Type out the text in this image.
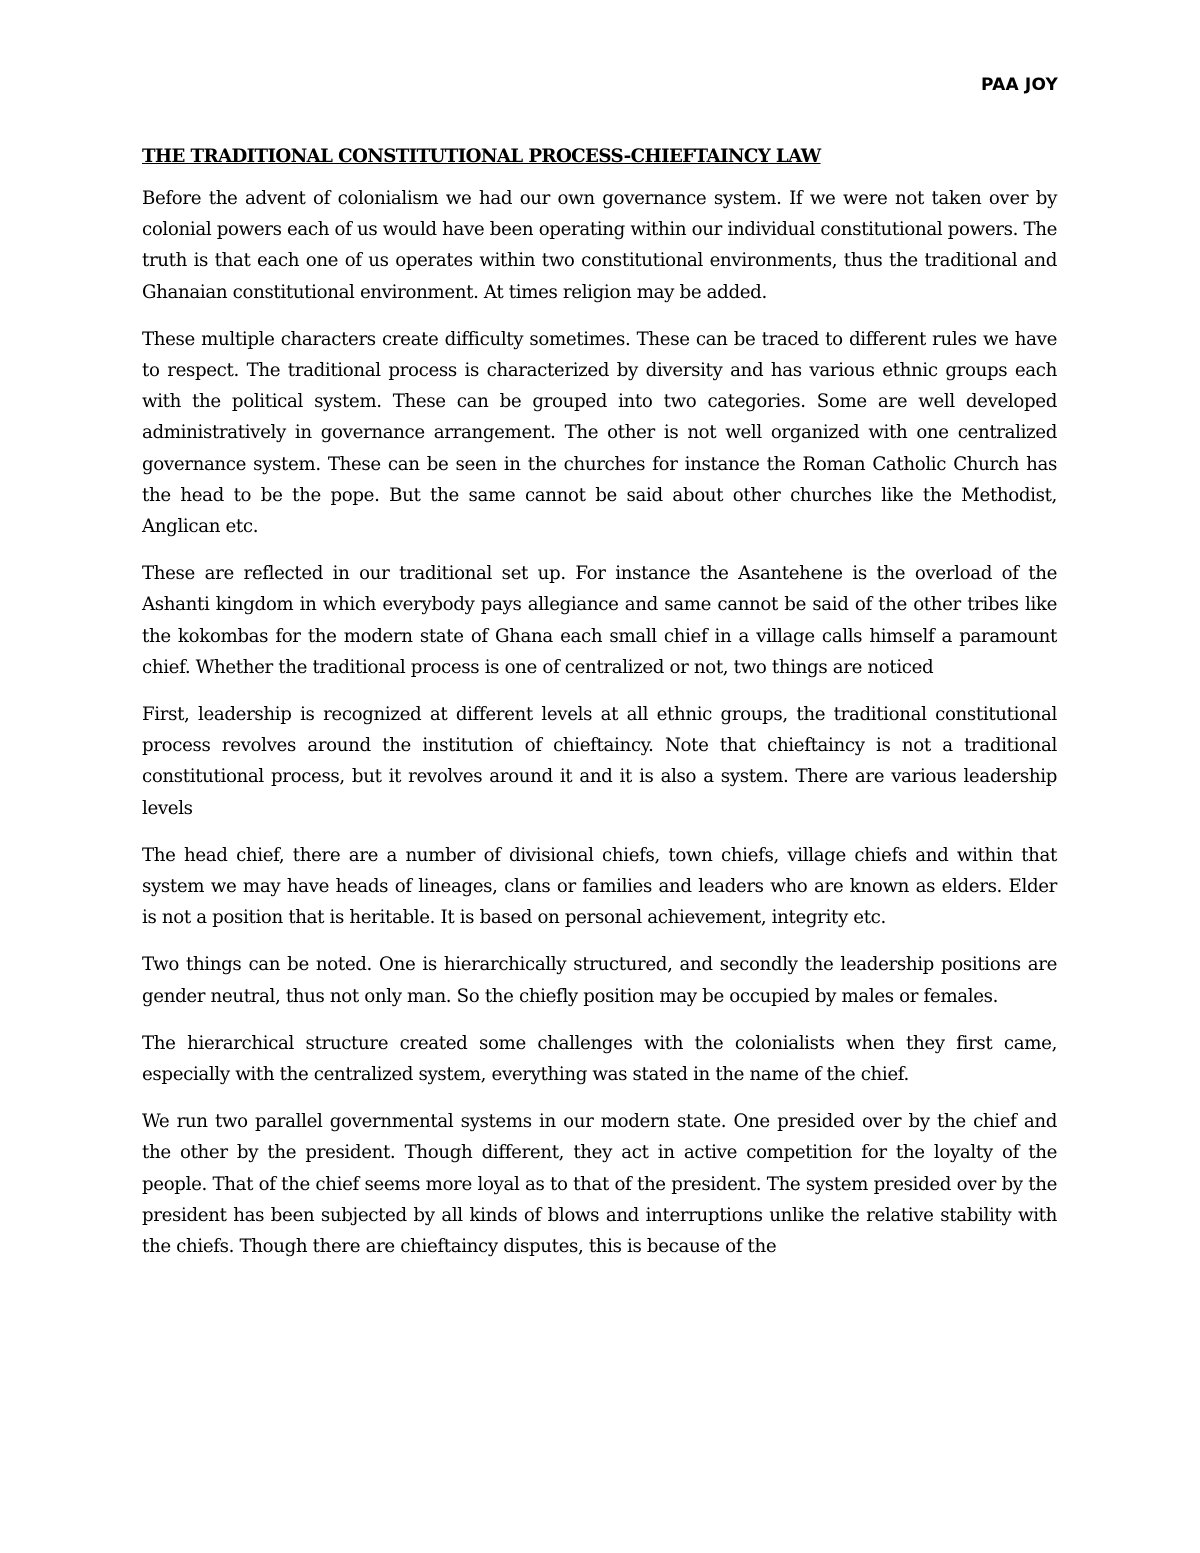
PAA JOY
THE TRADITIONAL CONSTITUTIONAL PROCESS-CHIEFTAINCY LAW

Before the advent of colonialism we had our own governance system. If we were not taken over by colonial powers each of us would have been operating within our individual constitutional powers. The truth is that each one of us operates within two constitutional environments, thus the traditional and Ghanaian constitutional environment. At times religion may be added.

These multiple characters create difficulty sometimes. These can be traced to different rules we have to respect. The traditional process is characterized by diversity and has various ethnic groups each with the political system. These can be grouped into two categories. Some are well developed administratively in governance arrangement. The other is not well organized with one centralized governance system. These can be seen in the churches for instance the Roman Catholic Church has the head to be the pope. But the same cannot be said about other churches like the Methodist, Anglican etc.

These are reflected in our traditional set up. For instance the Asantehene is the overload of the Ashanti kingdom in which everybody pays allegiance and same cannot be said of the other tribes like the kokombas for the modern state of Ghana each small chief in a village calls himself a paramount chief. Whether the traditional process is one of centralized or not, two things are noticed

First, leadership is recognized at different levels at all ethnic groups, the traditional constitutional process revolves around the institution of chieftaincy. Note that chieftaincy is not a traditional constitutional process, but it revolves around it and it is also a system. There are various leadership levels

The head chief, there are a number of divisional chiefs, town chiefs, village chiefs and within that system we may have heads of lineages, clans or families and leaders who are known as elders. Elder is not a position that is heritable. It is based on personal achievement, integrity etc.

Two things can be noted. One is hierarchically structured, and secondly the leadership positions are gender neutral, thus not only man. So the chiefly position may be occupied by males or females.

The hierarchical structure created some challenges with the colonialists when they first came, especially with the centralized system, everything was stated in the name of the chief.

We run two parallel governmental systems in our modern state. One presided over by the chief and the other by the president. Though different, they act in active competition for the loyalty of the people. That of the chief seems more loyal as to that of the president. The system presided over by the president has been subjected by all kinds of blows and interruptions unlike the relative stability with the chiefs. Though there are chieftaincy disputes, this is because of the
